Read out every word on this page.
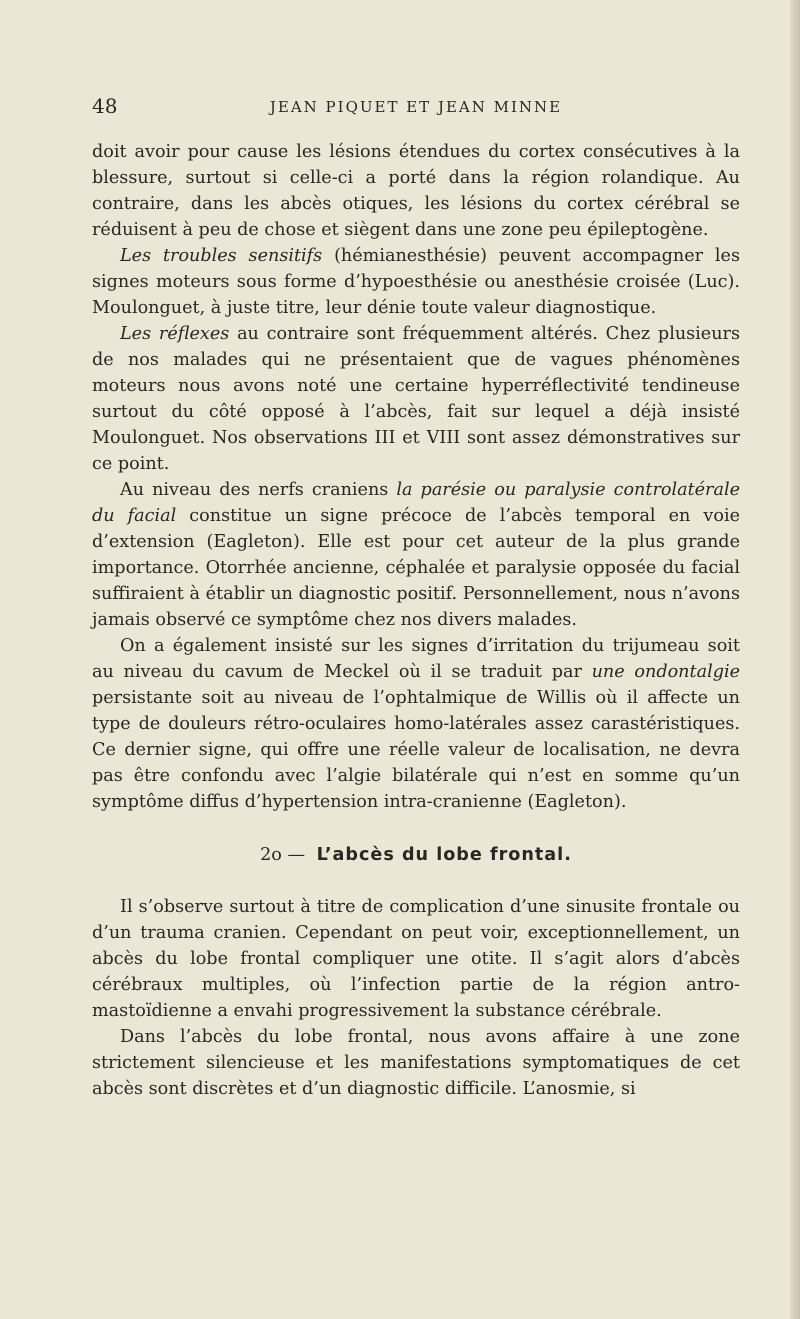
48	JEAN PIQUET ET JEAN MINNE

doit avoir pour cause les lésions étendues du cortex consécutives à la blessure, surtout si celle-ci a porté dans la région rolandique. Au contraire, dans les abcès otiques, les lésions du cortex cérébral se réduisent à peu de chose et siègent dans une zone peu épileptogène.

Les troubles sensitifs (hémianesthésie) peuvent accompagner les signes moteurs sous forme d’hypoesthésie ou anesthésie croisée (Luc). Moulonguet, à juste titre, leur dénie toute valeur diagnostique.

Les réflexes au contraire sont fréquemment altérés. Chez plusieurs de nos malades qui ne présentaient que de vagues phénomènes moteurs nous avons noté une certaine hyperréflectivité tendineuse surtout du côté opposé à l’abcès, fait sur lequel a déjà insisté Moulonguet. Nos observations III et VIII sont assez démonstratives sur ce point.

Au niveau des nerfs craniens la parésie ou paralysie controlatérale du facial constitue un signe précoce de l’abcès temporal en voie d’extension (Eagleton). Elle est pour cet auteur de la plus grande importance. Otorrhée ancienne, céphalée et paralysie opposée du facial suffiraient à établir un diagnostic positif. Personnellement, nous n’avons jamais observé ce symptôme chez nos divers malades.

On a également insisté sur les signes d’irritation du trijumeau soit au niveau du cavum de Meckel où il se traduit par une ondontalgie persistante soit au niveau de l’ophtalmique de Willis où il affecte un type de douleurs rétro-oculaires homo-latérales assez carastéristiques. Ce dernier signe, qui offre une réelle valeur de localisation, ne devra pas être confondu avec l’algie bilatérale qui n’est en somme qu’un symptôme diffus d’hypertension intra-cranienne (Eagleton).

2o — L’abcès du lobe frontal.

Il s’observe surtout à titre de complication d’une sinusite frontale ou d’un trauma cranien. Cependant on peut voir, exceptionnellement, un abcès du lobe frontal compliquer une otite. Il s’agit alors d’abcès cérébraux multiples, où l’infection partie de la région antro-mastoïdienne a envahi progressivement la substance cérébrale.

Dans l’abcès du lobe frontal, nous avons affaire à une zone strictement silencieuse et les manifestations symptomatiques de cet abcès sont discrètes et d’un diagnostic difficile. L’anosmie, si
